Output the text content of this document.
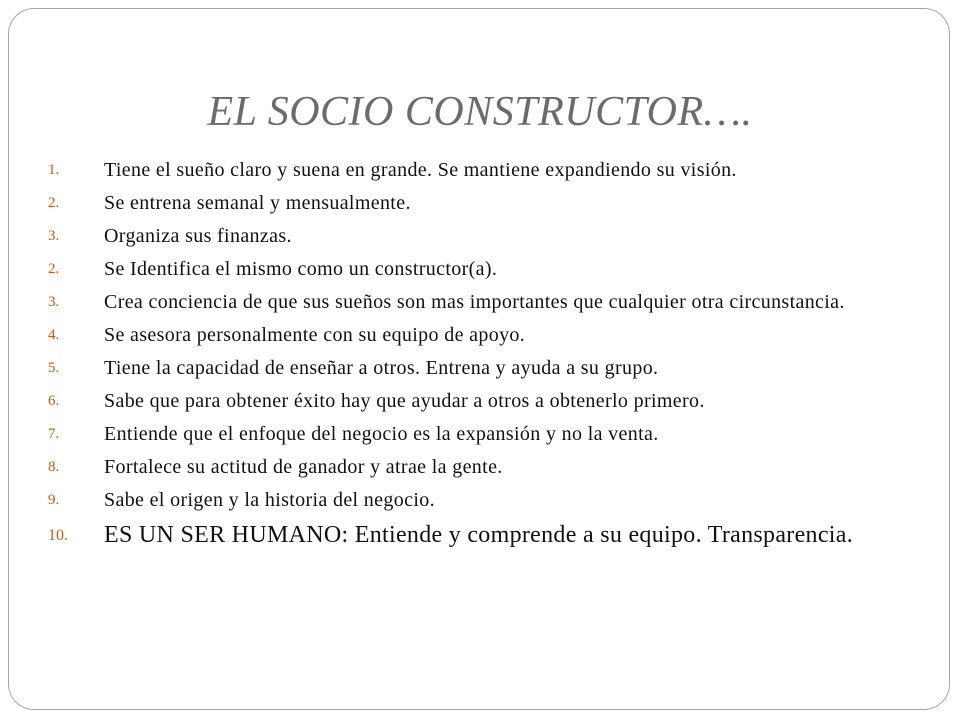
EL SOCIO CONSTRUCTOR….
1.	Tiene el sueño claro y suena en grande. Se mantiene expandiendo su visión.
2.	Se entrena semanal y mensualmente.
3.	Organiza sus finanzas.
2.	Se Identifica el mismo como un constructor(a).
3.	Crea conciencia de que sus sueños son mas importantes que cualquier otra circunstancia.
4.	Se asesora personalmente con su equipo de apoyo.
5.	Tiene la capacidad de enseñar a otros. Entrena y ayuda a su grupo.
6.	Sabe que para obtener éxito hay que ayudar a otros a obtenerlo primero.
7.	Entiende que el enfoque del negocio es la expansión y no la venta.
8.	Fortalece su actitud de ganador y atrae la gente.
9.	Sabe el origen y la historia del negocio.
10.	ES UN SER HUMANO: Entiende y comprende a su equipo. Transparencia.
